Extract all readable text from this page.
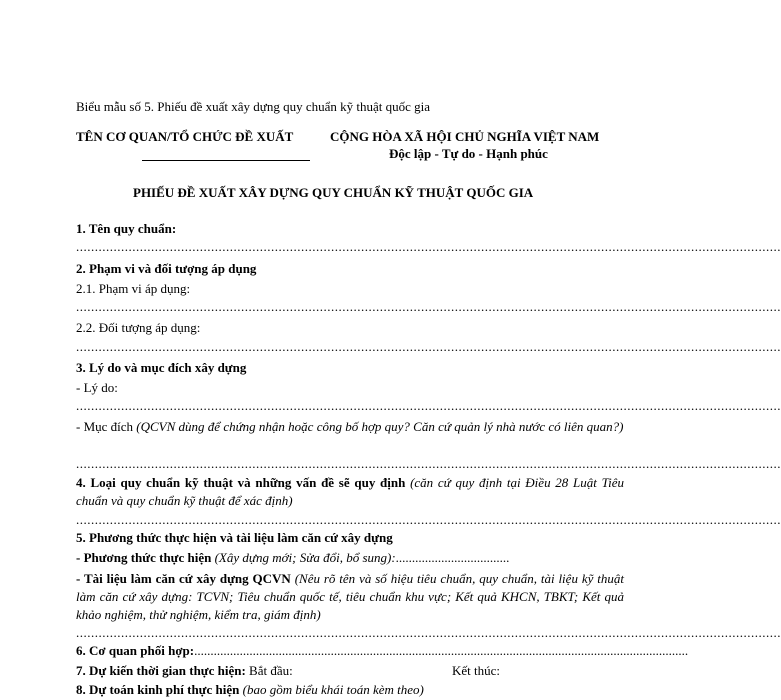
Biểu mẫu số 5. Phiếu đề xuất xây dựng quy chuẩn kỹ thuật quốc gia
TÊN CƠ QUAN/TỔ CHỨC ĐỀ XUẤT	CỘNG HÒA XÃ HỘI CHỦ NGHĨA VIỆT NAM
Độc lập - Tự do - Hạnh phúc
PHIẾU ĐỀ XUẤT XÂY DỰNG QUY CHUẨN KỸ THUẬT QUỐC GIA
1. Tên quy chuẩn:
............................................................................................................................................................................................
2. Phạm vi và đối tượng áp dụng
2.1. Phạm vi áp dụng:
............................................................................................................................................................................................
2.2. Đối tượng áp dụng:
............................................................................................................................................................................................
3. Lý do và mục đích xây dựng
- Lý do:
............................................................................................................................................................................................
- Mục đích (QCVN dùng để chứng nhận hoặc công bố hợp quy? Căn cứ quản lý nhà nước có liên quan?)
............................................................................................................................................................................................
4. Loại quy chuẩn kỹ thuật và những vấn đề sẽ quy định (căn cứ quy định tại Điều 28 Luật Tiêu chuẩn và quy chuẩn kỹ thuật để xác định)
............................................................................................................................................................................................
5. Phương thức thực hiện và tài liệu làm căn cứ xây dựng
- Phương thức thực hiện (Xây dựng mới; Sửa đổi, bổ sung):...................................
- Tài liệu làm căn cứ xây dựng QCVN (Nêu rõ tên và số hiệu tiêu chuẩn, quy chuẩn, tài liệu kỹ thuật làm căn cứ xây dựng: TCVN; Tiêu chuẩn quốc tế, tiêu chuẩn khu vực; Kết quả KHCN, TBKT; Kết quả khảo nghiệm, thử nghiệm, kiểm tra, giám định)
............................................................................................................................................................................................
6. Cơ quan phối hợp:........................................................................................................................................................
7. Dự kiến thời gian thực hiện: Bắt đầu:	Kết thúc:
8. Dự toán kinh phí thực hiện (bao gồm biểu khái toán kèm theo)
